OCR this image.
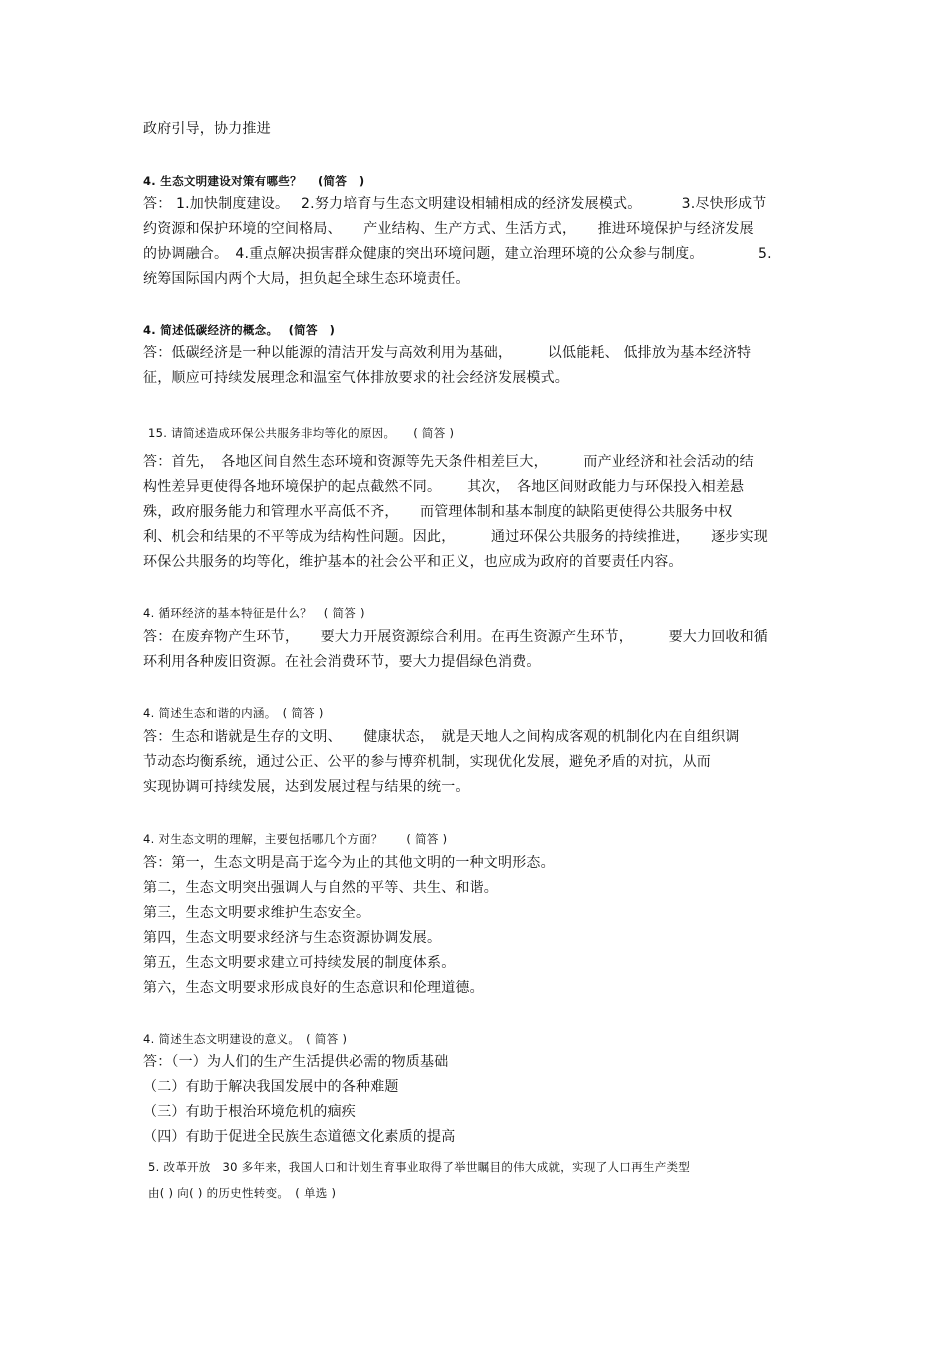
政府引导，协力推进
4. 生态文明建设对策有哪些？　 (简答　)
答： 1.加快制度建设。　 2.努力培育与生态文明建设相辅相成的经济发展模式。　　　 3.尽快形成节
约资源和保护环境的空间格局、　　产业结构、生产方式、生活方式，　　推进环境保护与经济发展
的协调融合。　4.重点解决损害群众健康的突出环境问题，建立治理环境的公众参与制度。　　　　 5.
统筹国际国内两个大局，担负起全球生态环境责任。
4. 简述低碳经济的概念。　 (简答　)
答：低碳经济是一种以能源的清洁开发与高效利用为基础，　　　以低能耗、 低排放为基本经济特
征，顺应可持续发展理念和温室气体排放要求的社会经济发展模式。
15. 请简述造成环保公共服务非均等化的原因。　　( 简答 )
答：首先，　各地区间自然生态环境和资源等先天条件相差巨大，　　　而产业经济和社会活动的结
构性差异更使得各地环境保护的起点截然不同。　　 其次，　各地区间财政能力与环保投入相差悬
殊，政府服务能力和管理水平高低不齐，　　而管理体制和基本制度的缺陷更使得公共服务中权
利、机会和结果的不平等成为结构性问题。因此，　　　通过环保公共服务的持续推进，　　逐步实现
环保公共服务的均等化，维护基本的社会公平和正义，也应成为政府的首要责任内容。
4. 循环经济的基本特征是什么？　( 简答 )
答：在废弃物产生环节，　　要大力开展资源综合利用。在再生资源产生环节，　　　要大力回收和循
环利用各种废旧资源。在社会消费环节，要大力提倡绿色消费。
4. 简述生态和谐的内涵。　( 简答 )
答：生态和谐就是生存的文明、　　健康状态，　就是天地人之间构成客观的机制化内在自组织调
节动态均衡系统，通过公正、公平的参与博弈机制，实现优化发展，避免矛盾的对抗，从而
实现协调可持续发展，达到发展过程与结果的统一。
4. 对生态文明的理解，主要包括哪几个方面？　　( 简答 )
答：第一，生态文明是高于迄今为止的其他文明的一种文明形态。
第二，生态文明突出强调人与自然的平等、共生、和谐。
第三，生态文明要求维护生态安全。
第四，生态文明要求经济与生态资源协调发展。
第五，生态文明要求建立可持续发展的制度体系。
第六，生态文明要求形成良好的生态意识和伦理道德。
4. 简述生态文明建设的意义。　( 简答 )
答：（一）为人们的生产生活提供必需的物质基础
（二）有助于解决我国发展中的各种难题
（三）有助于根治环境危机的痼疾
（四）有助于促进全民族生态道德文化素质的提高
5. 改革开放　30 多年来，我国人口和计划生育事业取得了举世瞩目的伟大成就，实现了人口再生产类型
由( ) 向( ) 的历史性转变。　( 单选 )
